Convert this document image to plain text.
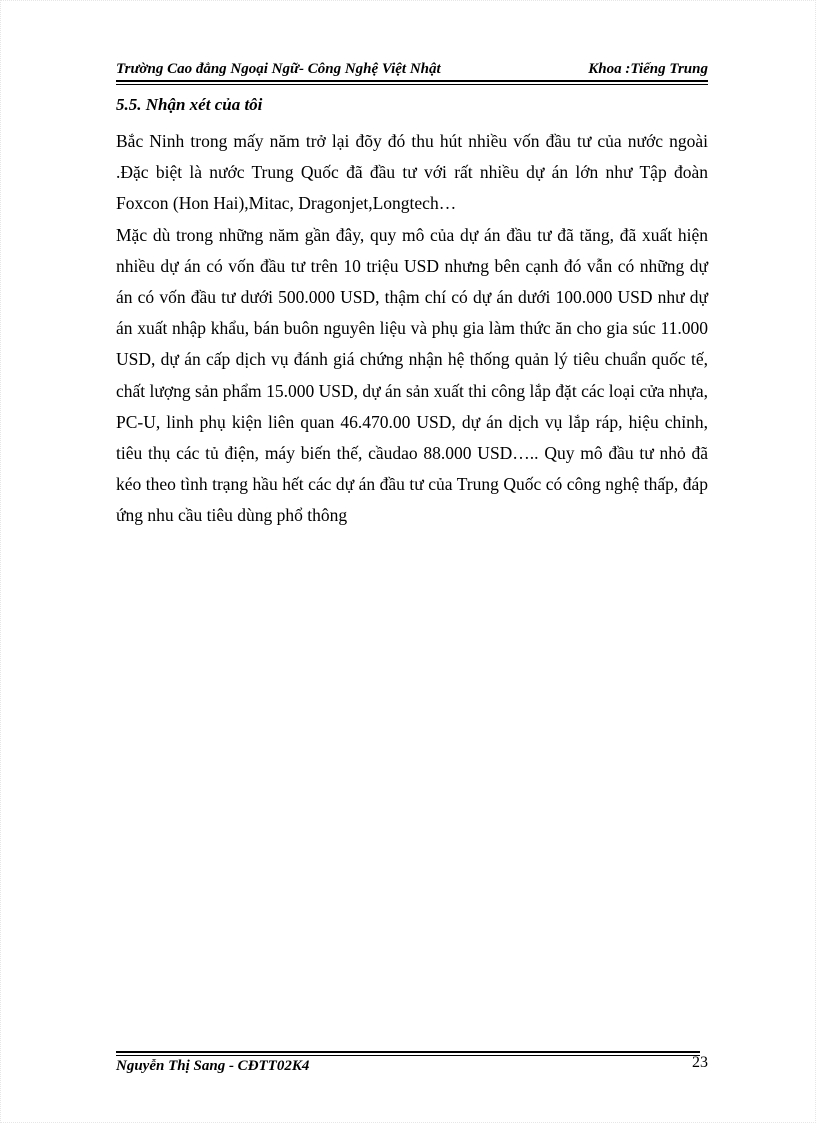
Trường Cao đẳng Ngoại Ngữ- Công Nghệ Việt Nhật	Khoa :Tiếng Trung
5.5. Nhận xét của tôi

Bắc Ninh trong mấy năm trở lại đõy đó thu hút nhiều vốn đầu tư của nước ngoài .Đặc biệt là nước Trung Quốc đã đầu tư với rất nhiều dự án lớn như Tập đoàn Foxcon (Hon Hai),Mitac, Dragonjet,Longtech…

Mặc dù trong những năm gần đây, quy mô của dự án đầu tư đã tăng, đã xuất hiện nhiều dự án có vốn đầu tư trên 10 triệu USD nhưng bên cạnh đó vẫn có những dự án có vốn đầu tư dưới 500.000 USD, thậm chí có dự án dưới 100.000 USD như dự án xuất nhập khẩu, bán buôn nguyên liệu và phụ gia làm thức ăn cho gia súc 11.000 USD, dự án cấp dịch vụ đánh giá chứng nhận hệ thống quản lý tiêu chuẩn quốc tế, chất lượng sản phẩm 15.000 USD, dự án sản xuất thi công lắp đặt các loại cửa nhựa, PC-U, linh phụ kiện liên quan 46.470.00 USD, dự án dịch vụ lắp ráp, hiệu chỉnh, tiêu thụ các tủ điện, máy biến thế, cầudao 88.000 USD….. Quy mô đầu tư nhỏ đã kéo theo tình trạng hầu hết các dự án đầu tư của Trung Quốc có công nghệ thấp, đáp ứng nhu cầu tiêu dùng phổ thông

Nguyễn Thị Sang - CĐTT02K4	23
